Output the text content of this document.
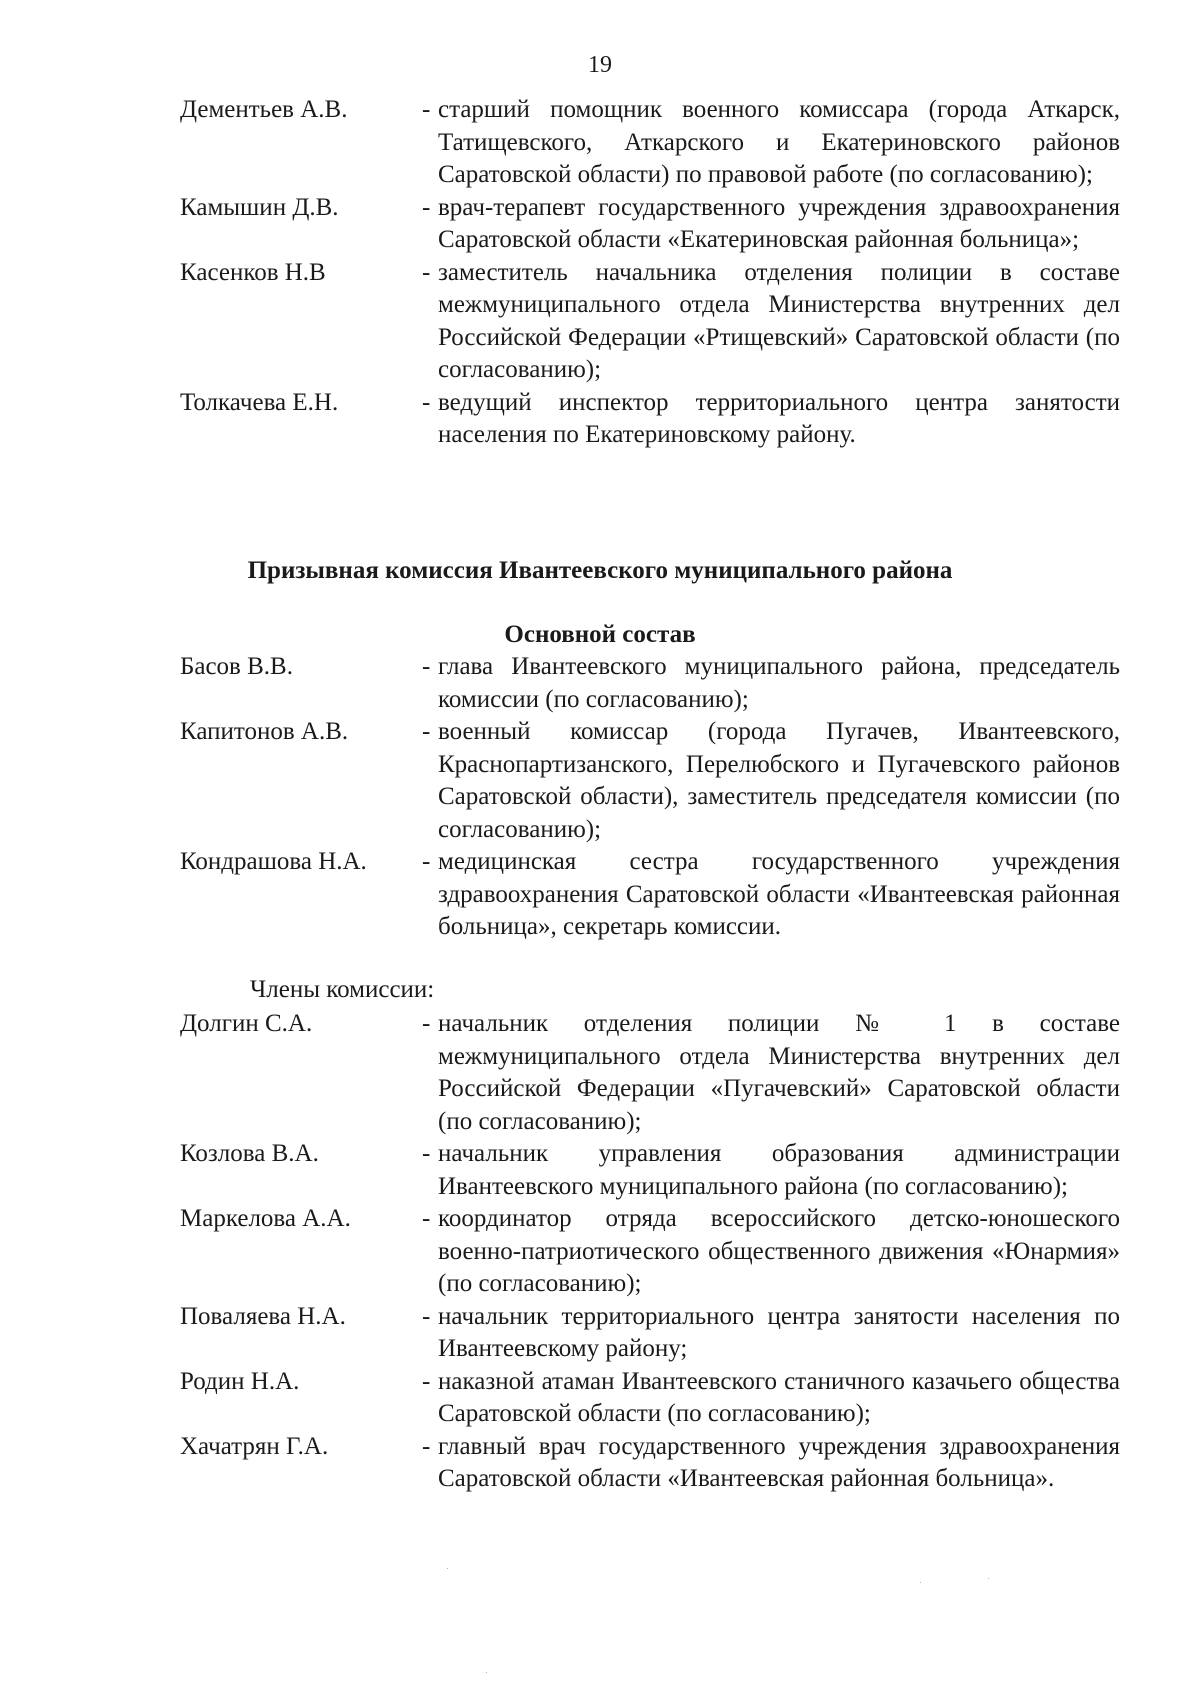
19
Дементьев А.В.	- старший помощник военного комиссара (города Аткарск, Татищевского, Аткарского и Екатериновского районов Саратовской области) по правовой работе (по согласованию);
Камышин Д.В.	- врач-терапевт государственного учреждения здравоохранения Саратовской области «Екатериновская районная больница»;
Касенков Н.В	- заместитель начальника отделения полиции в составе межмуниципального отдела Министерства внутренних дел Российской Федерации «Ртищевский» Саратовской области (по согласованию);
Толкачева Е.Н.	- ведущий инспектор территориального центра занятости населения по Екатериновскому району.
Призывная комиссия Ивантеевского муниципального района
Основной состав
Басов В.В.	- глава Ивантеевского муниципального района, председатель комиссии (по согласованию);
Капитонов А.В.	- военный комиссар (города Пугачев, Ивантеевского, Краснопартизанского, Перелюбского и Пугачевского районов Саратовской области), заместитель председателя комиссии (по согласованию);
Кондрашова Н.А.	- медицинская сестра государственного учреждения здравоохранения Саратовской области «Ивантеевская районная больница», секретарь комиссии.
Члены комиссии:
Долгин С.А.	- начальник отделения полиции № 1 в составе межмуниципального отдела Министерства внутренних дел Российской Федерации «Пугачевский» Саратовской области (по согласованию);
Козлова В.А.	- начальник управления образования администрации Ивантеевского муниципального района (по согласованию);
Маркелова А.А.	- координатор отряда всероссийского детско-юношеского военно-патриотического общественного движения «Юнармия» (по согласованию);
Поваляева Н.А.	- начальник территориального центра занятости населения по Ивантеевскому району;
Родин Н.А.	- наказной атаман Ивантеевского станичного казачьего общества Саратовской области (по согласованию);
Хачатрян Г.А.	- главный врач государственного учреждения здравоохранения Саратовской области «Ивантеевская районная больница».
